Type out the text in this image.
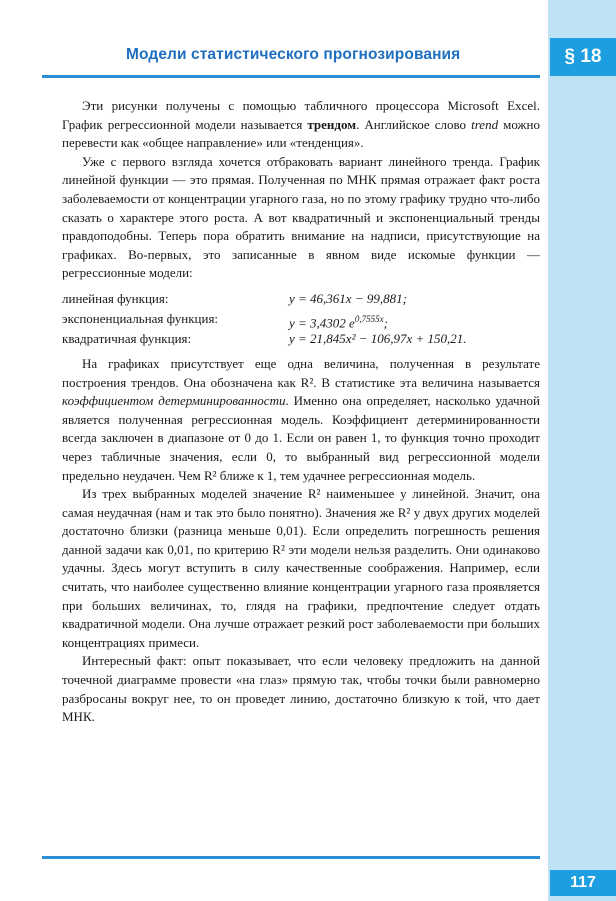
§ 18
Модели статистического прогнозирования

Эти рисунки получены с помощью табличного процессора Microsoft Excel. График регрессионной модели называется трендом. Английское слово trend можно перевести как «общее направление» или «тенденция».

Уже с первого взгляда хочется отбраковать вариант линейного тренда. График линейной функции — это прямая. Полученная по МНК прямая отражает факт роста заболеваемости от концентрации угарного газа, но по этому графику трудно что-либо сказать о характере этого роста. А вот квадратичный и экспоненциальный тренды правдоподобны. Теперь пора обратить внимание на надписи, присутствующие на графиках. Во-первых, это записанные в явном виде искомые функции — регрессионные модели:

линейная функция:	y = 46,361x − 99,881;
экспоненциальная функция:	y = 3,4302 $e^{0,7555x}$;
квадратичная функция:	y = 21,845x² − 106,97x + 150,21.

На графиках присутствует еще одна величина, полученная в результате построения трендов. Она обозначена как R². В статистике эта величина называется коэффициентом детерминированности. Именно она определяет, насколько удачной является полученная регрессионная модель. Коэффициент детерминированности всегда заключен в диапазоне от 0 до 1. Если он равен 1, то функция точно проходит через табличные значения, если 0, то выбранный вид регрессионной модели предельно неудачен. Чем R² ближе к 1, тем удачнее регрессионная модель.

Из трех выбранных моделей значение R² наименьшее у линейной. Значит, она самая неудачная (нам и так это было понятно). Значения же R² у двух других моделей достаточно близки (разница меньше 0,01). Если определить погрешность решения данной задачи как 0,01, по критерию R² эти модели нельзя разделить. Они одинаково удачны. Здесь могут вступить в силу качественные соображения. Например, если считать, что наиболее существенно влияние концентрации угарного газа проявляется при больших величинах, то, глядя на графики, предпочтение следует отдать квадратичной модели. Она лучше отражает резкий рост заболеваемости при больших концентрациях примеси.

Интересный факт: опыт показывает, что если человеку предложить на данной точечной диаграмме провести «на глаз» прямую так, чтобы точки были равномерно разбросаны вокруг нее, то он проведет линию, достаточно близкую к той, что дает МНК.

117
